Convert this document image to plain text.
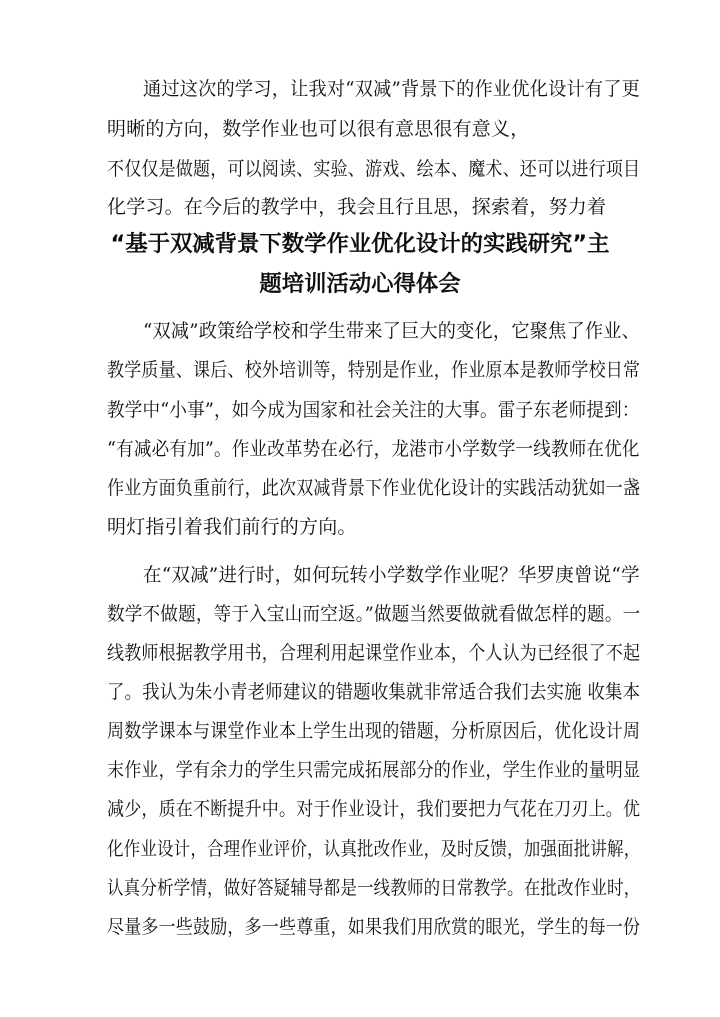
通过这次的学习，让我对“双减”背景下的作业优化设计有了更
明晰的方向，数学作业也可以很有意思很有意义，
不仅仅是做题，可以阅读、实验、游戏、绘本、魔术、还可以进行项目
化学习。在今后的教学中，我会且行且思，探索着，努力着
“基于双减背景下数学作业优化设计的实践研究”主
题培训活动心得体会
“双减”政策给学校和学生带来了巨大的变化，它聚焦了作业、
教学质量、课后、校外培训等，特别是作业，作业原本是教师学校日常
教学中“小事”，如今成为国家和社会关注的大事。雷子东老师提到：
“有减必有加”。作业改革势在必行，龙港市小学数学一线教师在优化
作业方面负重前行，此次双减背景下作业优化设计的实践活动犹如一盏
明灯指引着我们前行的方向。
在“双减”进行时，如何玩转小学数学作业呢？华罗庚曾说“学
数学不做题，等于入宝山而空返。”做题当然要做就看做怎样的题。一
线教师根据教学用书，合理利用起课堂作业本，个人认为已经很了不起
了。我认为朱小青老师建议的错题收集就非常适合我们去实施 收集本
周数学课本与课堂作业本上学生出现的错题，分析原因后，优化设计周
末作业，学有余力的学生只需完成拓展部分的作业，学生作业的量明显
减少，质在不断提升中。对于作业设计，我们要把力气花在刀刃上。优
化作业设计，合理作业评价，认真批改作业，及时反馈，加强面批讲解，
认真分析学情，做好答疑辅导都是一线教师的日常教学。在批改作业时，
尽量多一些鼓励，多一些尊重，如果我们用欣赏的眼光，学生的每一份
